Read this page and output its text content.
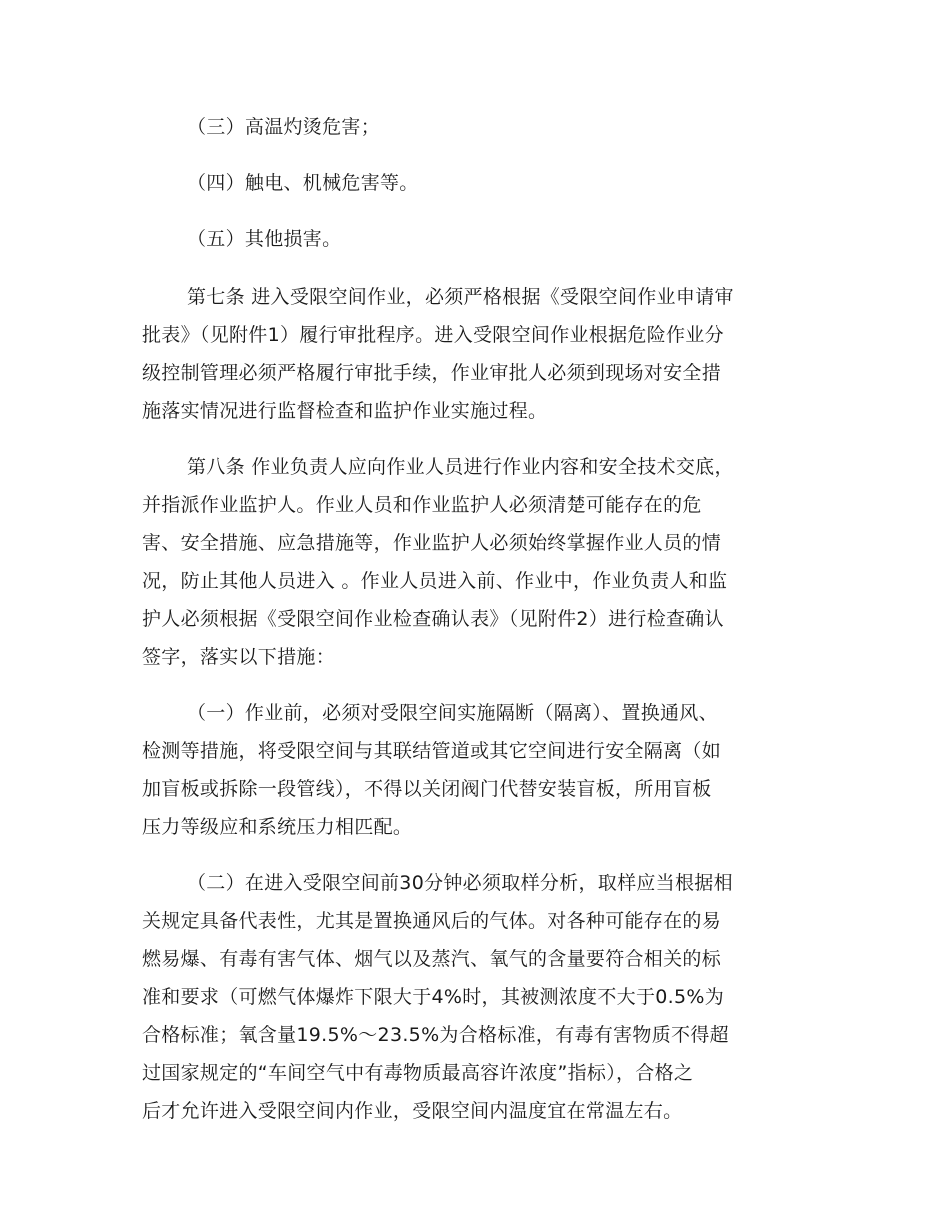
（三）高温灼烫危害；

（四）触电、机械危害等。

（五）其他损害。

第七条 进入受限空间作业，必须严格根据《受限空间作业申请审
批表》（见附件1）履行审批程序。进入受限空间作业根据危险作业分
级控制管理必须严格履行审批手续，作业审批人必须到现场对安全措
施落实情况进行监督检查和监护作业实施过程。
第八条 作业负责人应向作业人员进行作业内容和安全技术交底，
并指派作业监护人。作业人员和作业监护人必须清楚可能存在的危
害、安全措施、应急措施等，作业监护人必须始终掌握作业人员的情
况，防止其他人员进入 。作业人员进入前、作业中，作业负责人和监
护人必须根据《受限空间作业检查确认表》（见附件2）进行检查确认
签字，落实以下措施：
（一）作业前，必须对受限空间实施隔断（隔离）、置换通风、
检测等措施，将受限空间与其联结管道或其它空间进行安全隔离（如
加盲板或拆除一段管线），不得以关闭阀门代替安装盲板，所用盲板
压力等级应和系统压力相匹配。
（二）在进入受限空间前30分钟必须取样分析，取样应当根据相
关规定具备代表性，尤其是置换通风后的气体。对各种可能存在的易
燃易爆、有毒有害气体、烟气以及蒸汽、氧气的含量要符合相关的标
准和要求（可燃气体爆炸下限大于4%时，其被测浓度不大于0.5%为
合格标准；氧含量19.5%～23.5%为合格标准，有毒有害物质不得超
过国家规定的“车间空气中有毒物质最高容许浓度”指标），合格之
后才允许进入受限空间内作业，受限空间内温度宜在常温左右。
